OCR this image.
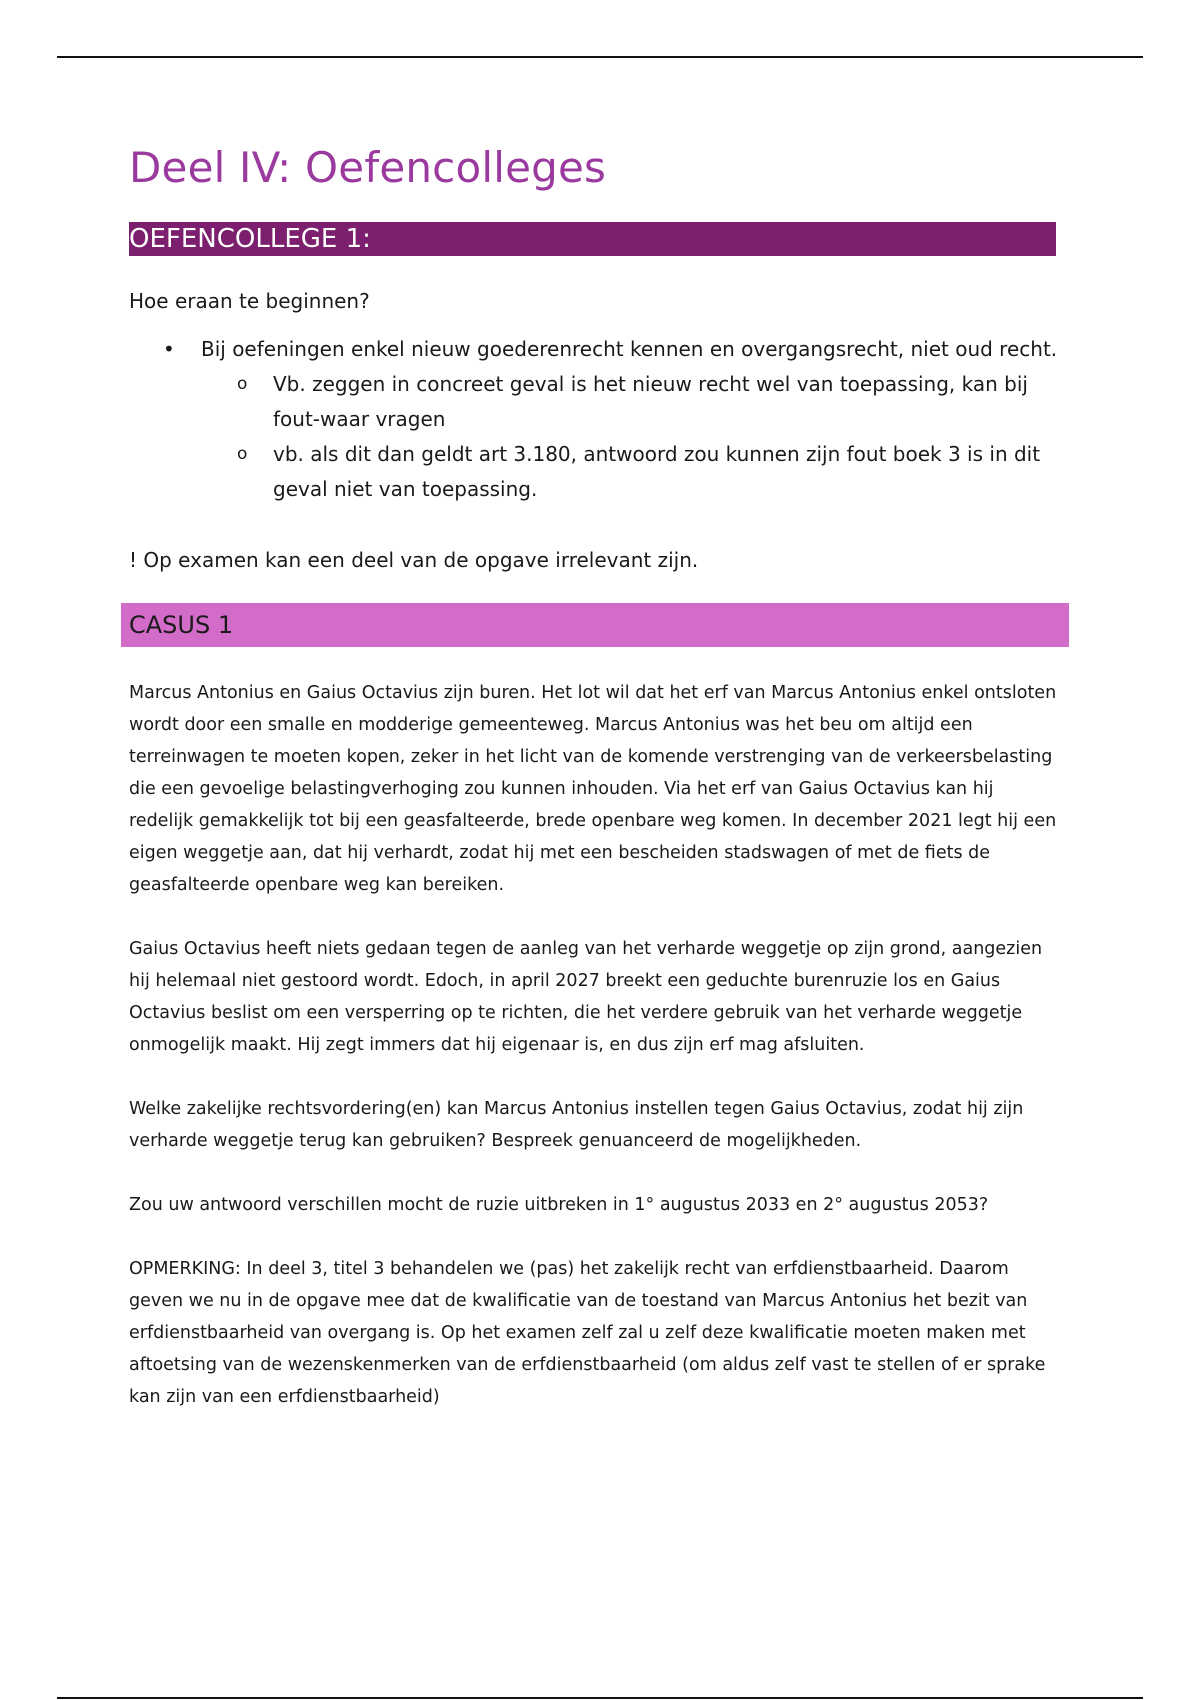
Deel IV: Oefencolleges
OEFENCOLLEGE 1:

Hoe eraan te beginnen?

• Bij oefeningen enkel nieuw goederenrecht kennen en overgangsrecht, niet oud recht.
o Vb. zeggen in concreet geval is het nieuw recht wel van toepassing, kan bij fout-waar vragen
o vb. als dit dan geldt art 3.180, antwoord zou kunnen zijn fout boek 3 is in dit geval niet van toepassing.

! Op examen kan een deel van de opgave irrelevant zijn.

CASUS 1

Marcus Antonius en Gaius Octavius zijn buren. Het lot wil dat het erf van Marcus Antonius enkel ontsloten wordt door een smalle en modderige gemeenteweg. Marcus Antonius was het beu om altijd een terreinwagen te moeten kopen, zeker in het licht van de komende verstrenging van de verkeersbelasting die een gevoelige belastingverhoging zou kunnen inhouden. Via het erf van Gaius Octavius kan hij redelijk gemakkelijk tot bij een geasfalteerde, brede openbare weg komen. In december 2021 legt hij een eigen weggetje aan, dat hij verhardt, zodat hij met een bescheiden stadswagen of met de fiets de geasfalteerde openbare weg kan bereiken.

Gaius Octavius heeft niets gedaan tegen de aanleg van het verharde weggetje op zijn grond, aangezien hij helemaal niet gestoord wordt. Edoch, in april 2027 breekt een geduchte burenruzie los en Gaius Octavius beslist om een versperring op te richten, die het verdere gebruik van het verharde weggetje onmogelijk maakt. Hij zegt immers dat hij eigenaar is, en dus zijn erf mag afsluiten.

Welke zakelijke rechtsvordering(en) kan Marcus Antonius instellen tegen Gaius Octavius, zodat hij zijn verharde weggetje terug kan gebruiken? Bespreek genuanceerd de mogelijkheden.

Zou uw antwoord verschillen mocht de ruzie uitbreken in 1° augustus 2033 en 2° augustus 2053?

OPMERKING: In deel 3, titel 3 behandelen we (pas) het zakelijk recht van erfdienstbaarheid. Daarom geven we nu in de opgave mee dat de kwalificatie van de toestand van Marcus Antonius het bezit van erfdienstbaarheid van overgang is. Op het examen zelf zal u zelf deze kwalificatie moeten maken met aftoetsing van de wezenskenmerken van de erfdienstbaarheid (om aldus zelf vast te stellen of er sprake kan zijn van een erfdienstbaarheid)
